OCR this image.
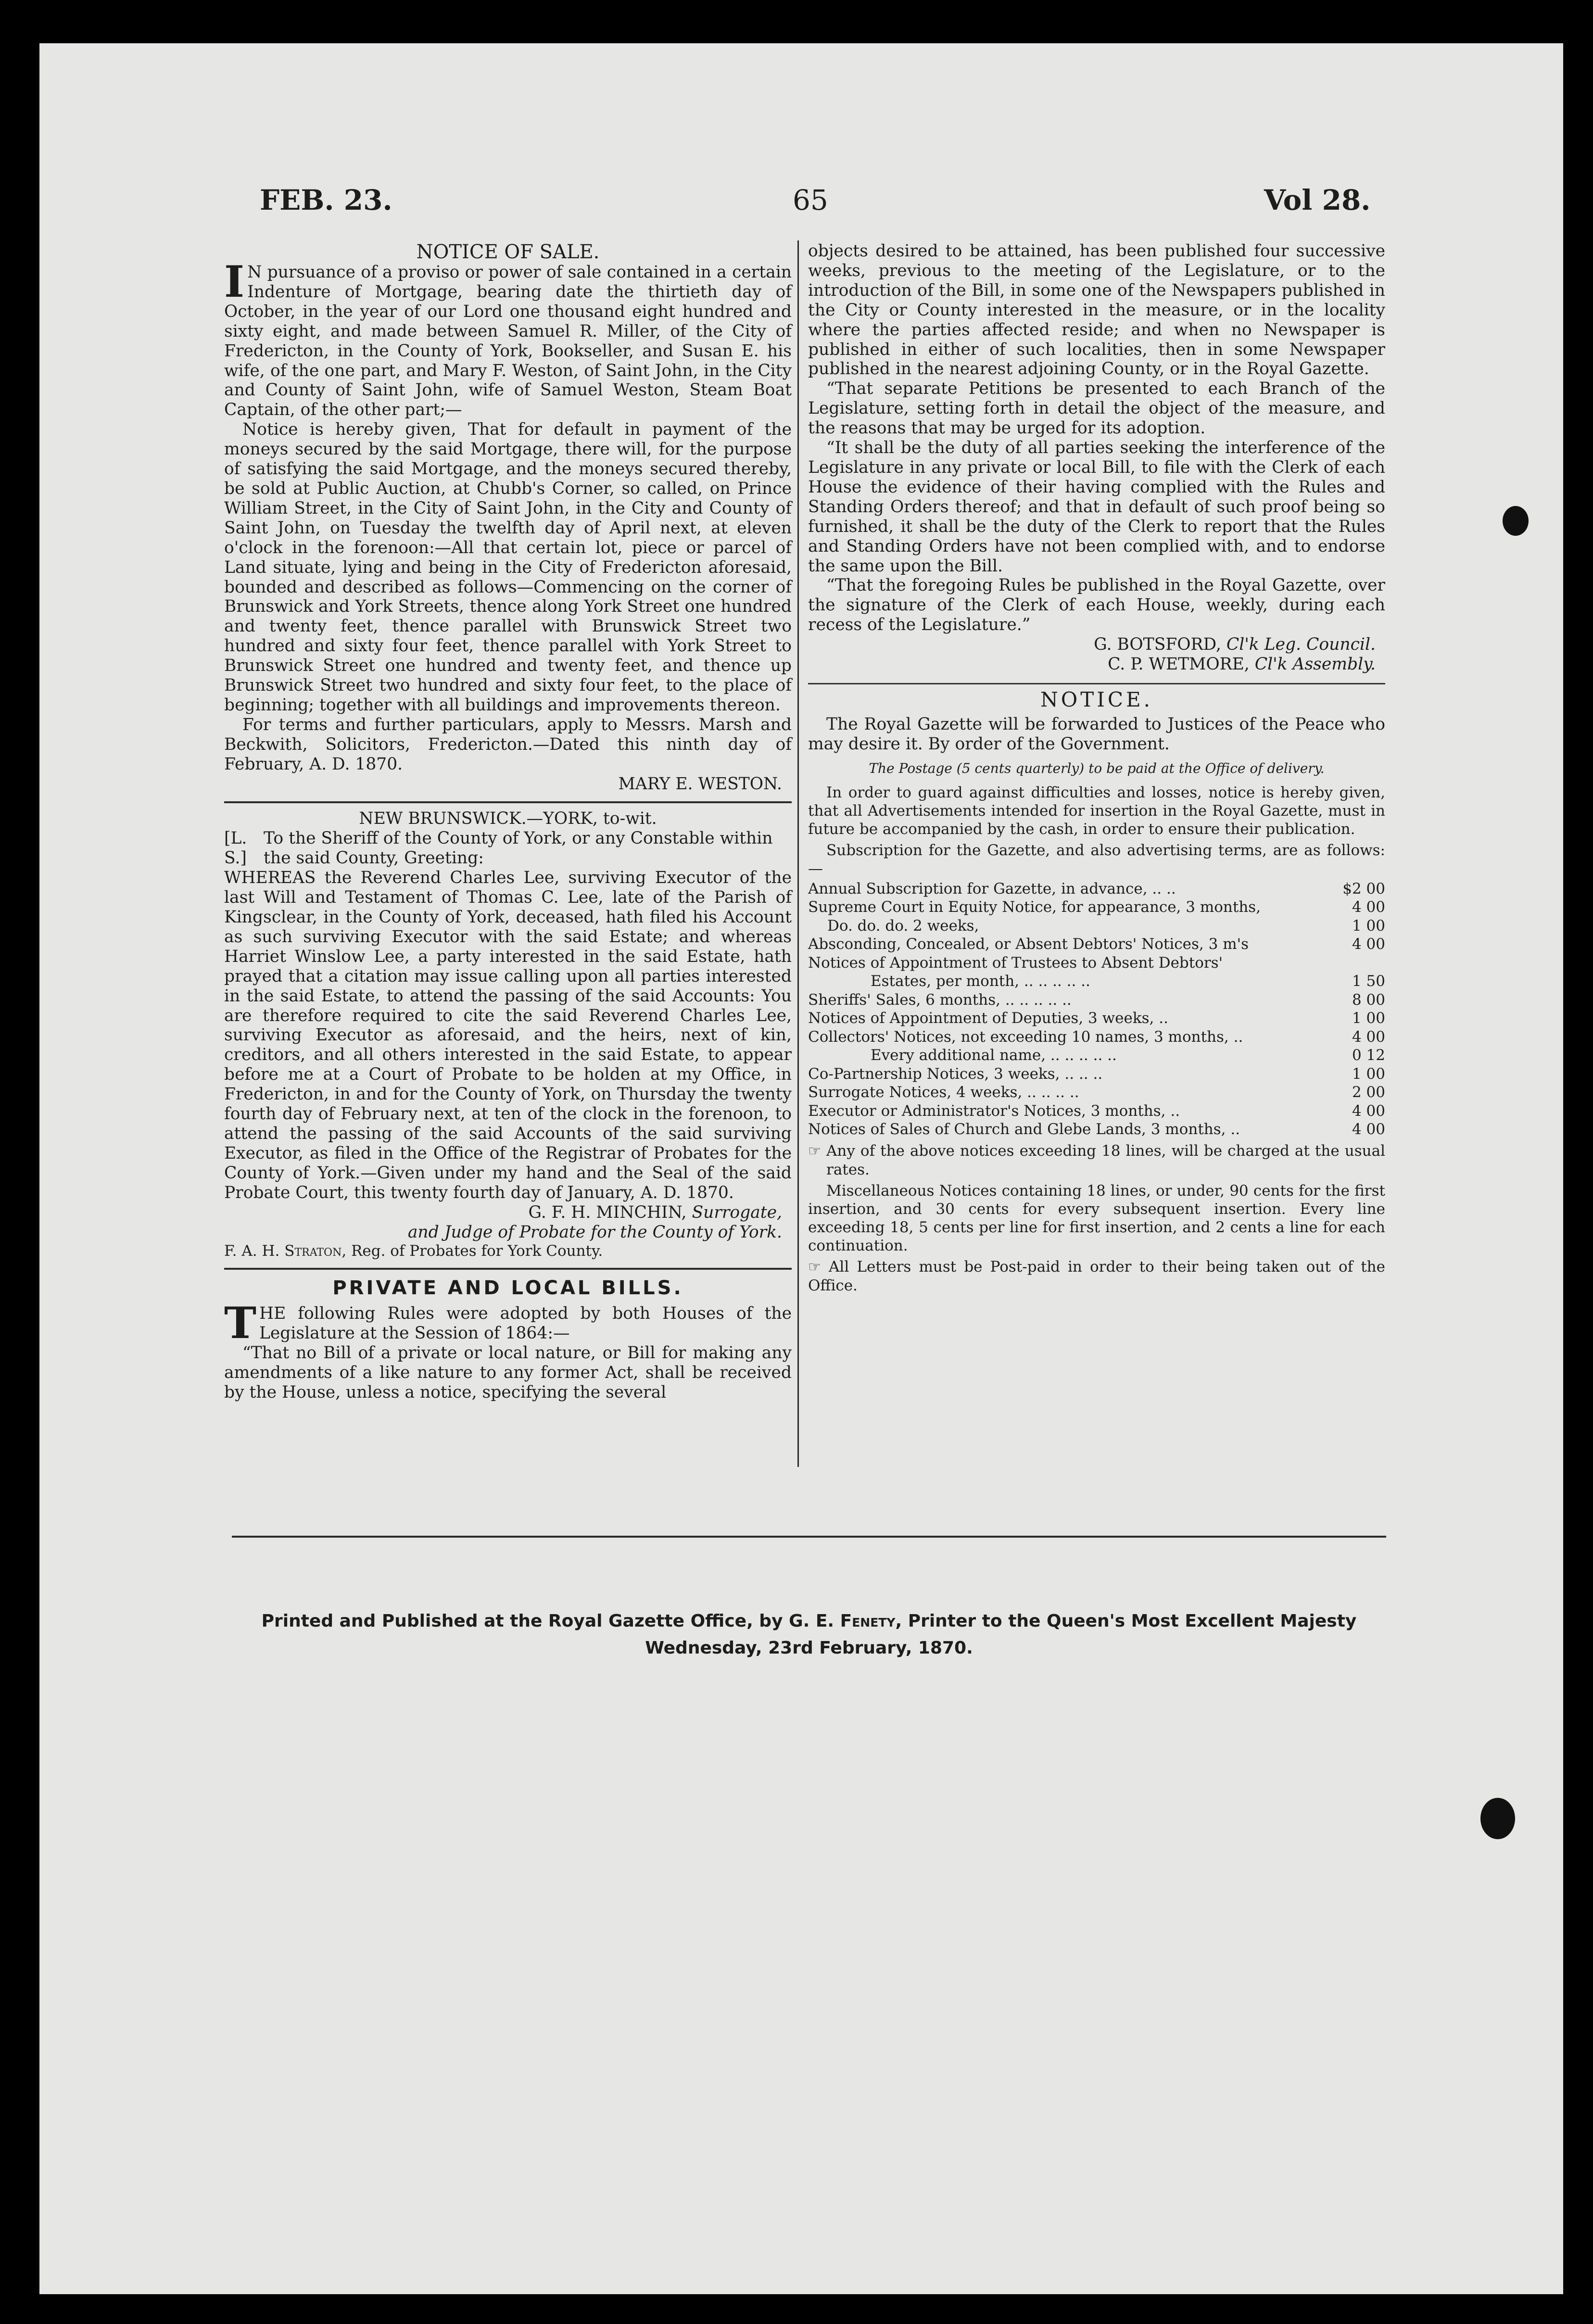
FEB. 23.	65	Vol 28.
NOTICE OF SALE.

I N pursuance of a proviso or power of sale contained in a certain Indenture of Mortgage, bearing date the thirtieth day of October, in the year of our Lord one thousand eight hundred and sixty eight, and made between Samuel R. Miller, of the City of Fredericton, in the County of York, Bookseller, and Susan E. his wife, of the one part, and Mary F. Weston, of Saint John, in the City and County of Saint John, wife of Samuel Weston, Steam Boat Captain, of the other part;—

Notice is hereby given, That for default in payment of the moneys secured by the said Mortgage, there will, for the purpose of satisfying the said Mortgage, and the moneys secured thereby, be sold at Public Auction, at Chubb's Corner, so called, on Prince William Street, in the City of Saint John, in the City and County of Saint John, on Tuesday the twelfth day of April next, at eleven o'clock in the forenoon:—All that certain lot, piece or parcel of Land situate, lying and being in the City of Fredericton aforesaid, bounded and described as follows—Commencing on the corner of Brunswick and York Streets, thence along York Street one hundred and twenty feet, thence parallel with Brunswick Street two hundred and sixty four feet, thence parallel with York Street to Brunswick Street one hundred and twenty feet, and thence up Brunswick Street two hundred and sixty four feet, to the place of beginning; together with all buildings and improvements thereon.

For terms and further particulars, apply to Messrs. Marsh and Beckwith, Solicitors, Fredericton.—Dated this ninth day of February, A. D. 1870.

MARY E. WESTON.
NEW BRUNSWICK.—YORK, to-wit.
[L. S.]
To the Sheriff of the County of York, or any Constable within the said County, Greeting:

WHEREAS the Reverend Charles Lee, surviving Executor of the last Will and Testament of Thomas C. Lee, late of the Parish of Kingsclear, in the County of York, deceased, hath filed his Account as such surviving Executor with the said Estate; and whereas Harriet Winslow Lee, a party interested in the said Estate, hath prayed that a citation may issue calling upon all parties interested in the said Estate, to attend the passing of the said Accounts: You are therefore required to cite the said Reverend Charles Lee, surviving Executor as aforesaid, and the heirs, next of kin, creditors, and all others interested in the said Estate, to appear before me at a Court of Probate to be holden at my Office, in Fredericton, in and for the County of York, on Thursday the twenty fourth day of February next, at ten of the clock in the forenoon, to attend the passing of the said Accounts of the said surviving Executor, as filed in the Office of the Registrar of Probates for the County of York.—Given under my hand and the Seal of the said Probate Court, this twenty fourth day of January, A. D. 1870.

G. F. H. MINCHIN, Surrogate,
and Judge of Probate for the County of York.
F. A. H. Straton, Reg. of Probates for York County.
PRIVATE AND LOCAL BILLS.

THE following Rules were adopted by both Houses of the Legislature at the Session of 1864:—

“That no Bill of a private or local nature, or Bill for making any amendments of a like nature to any former Act, shall be received by the House, unless a notice, specifying the several

objects desired to be attained, has been published four successive weeks, previous to the meeting of the Legislature, or to the introduction of the Bill, in some one of the Newspapers published in the City or County interested in the measure, or in the locality where the parties affected reside; and when no Newspaper is published in either of such localities, then in some Newspaper published in the nearest adjoining County, or in the Royal Gazette.

“That separate Petitions be presented to each Branch of the Legislature, setting forth in detail the object of the measure, and the reasons that may be urged for its adoption.

“It shall be the duty of all parties seeking the interference of the Legislature in any private or local Bill, to file with the Clerk of each House the evidence of their having complied with the Rules and Standing Orders thereof; and that in default of such proof being so furnished, it shall be the duty of the Clerk to report that the Rules and Standing Orders have not been complied with, and to endorse the same upon the Bill.

“That the foregoing Rules be published in the Royal Gazette, over the signature of the Clerk of each House, weekly, during each recess of the Legislature.”

G. BOTSFORD, Cl'k Leg. Council.
C. P. WETMORE, Cl'k Assembly.
NOTICE.

The Royal Gazette will be forwarded to Justices of the Peace who may desire it. By order of the Government.

The Postage (5 cents quarterly) to be paid at the Office of delivery.

In order to guard against difficulties and losses, notice is hereby given, that all Advertisements intended for insertion in the Royal Gazette, must in future be accompanied by the cash, in order to ensure their publication.

Subscription for the Gazette, and also advertising terms, are as follows:—

Annual Subscription for Gazette, in advance, .. ..	$2 00
Supreme Court in Equity Notice, for appearance, 3 months,	4 00
Do. do. do. 2 weeks,	1 00
Absconding, Concealed, or Absent Debtors' Notices, 3 m's	4 00
Notices of Appointment of Trustees to Absent Debtors'
Estates, per month, .. .. .. .. ..	1 50
Sheriffs' Sales, 6 months, .. .. .. .. ..	8 00
Notices of Appointment of Deputies, 3 weeks, ..	1 00
Collectors' Notices, not exceeding 10 names, 3 months, ..	4 00
Every additional name, .. .. .. .. ..	0 12
Co-Partnership Notices, 3 weeks, .. .. ..	1 00
Surrogate Notices, 4 weeks, .. .. .. ..	2 00
Executor or Administrator's Notices, 3 months, ..	4 00
Notices of Sales of Church and Glebe Lands, 3 months, ..	4 00

☞ Any of the above notices exceeding 18 lines, will be charged at the usual rates.

Miscellaneous Notices containing 18 lines, or under, 90 cents for the first insertion, and 30 cents for every subsequent insertion. Every line exceeding 18, 5 cents per line for first insertion, and 2 cents a line for each continuation.

☞ All Letters must be Post-paid in order to their being taken out of the Office.

Printed and Published at the Royal Gazette Office, by G. E. Fenety, Printer to the Queen's Most Excellent Majesty
Wednesday, 23rd February, 1870.
